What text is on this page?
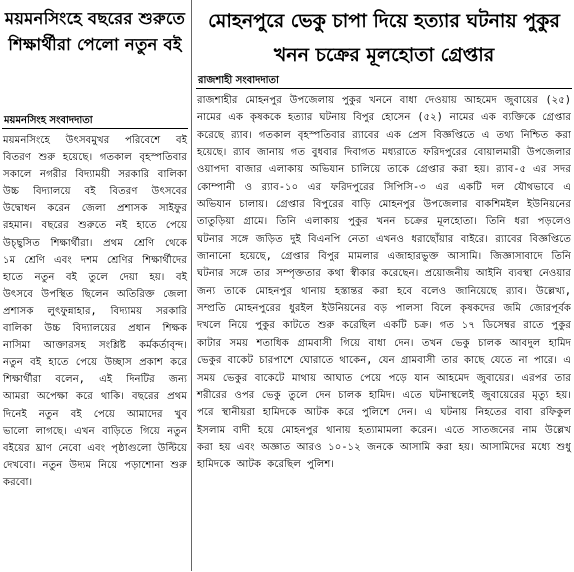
ময়মনসিংহে বছরের শুরুতে শিক্ষার্থীরা পেলো নতুন বই
ময়মনসিংহ সংবাদদাতা

ময়মনসিংহে উৎসবমুখর পরিবেশে বই বিতরণ শুরু হয়েছে। গতকাল বৃহস্পতিবার সকালে নগরীর বিদ্যাময়ী সরকারি বালিকা উচ্চ বিদ্যালয়ে বই বিতরণ উৎসবের উদ্বোধন করেন জেলা প্রশাসক সাইফুর রহমান। বছরের শুরুতে নই হাতে পেয়ে উচ্ছ্বসিত শিক্ষার্থীরা। প্রথম শ্রেণি থেকে ১ম শ্রেণি এবং দশম শ্রেণির শিক্ষার্থীদের হাতে নতুন বই তুলে দেয়া হয়। বই উৎসবে উপস্থিত ছিলেন অতিরিক্ত জেলা প্রশাসক লুৎফুন্নাহার, বিদ্যাময় সরকারি বালিকা উচ্চ বিদ্যালয়ের প্রধান শিক্ষক নাসিমা আক্তারসহ সংশ্লিষ্ট কর্মকর্তাবৃন্দ। নতুন বই হাতে পেয়ে উচ্ছাস প্রকাশ করে শিক্ষার্থীরা বলেন, এই দিনটির জন্য আমরা অপেক্ষা করে থাকি। বছরের প্রথম দিনেই নতুন বই পেয়ে আমাদের খুব ভালো লাগছে। এখন বাড়িতে গিয়ে নতুন বইয়ের ঘ্রাণ নেবো এবং পৃষ্ঠাগুলো উল্টিয়ে দেখবো। নতুন উদ্যম নিয়ে পড়াশোনা শুরু করবো।

মোহনপুরে ভেকু চাপা দিয়ে হত্যার ঘটনায় পুকুর খনন চক্রের মূলহোতা গ্রেপ্তার
রাজশাহী সংবাদদাতা

রাজশাহীর মোহনপুর উপজেলায় পুকুর খননে বাধা দেওয়ায় আহমেদ জুবায়ের (২৫) নামের এক কৃষককে হত্যার ঘটনায় বিপুর হোসেন (৫২) নামের এক ব্যক্তিকে গ্রেপ্তার করেছে র‌্যাব। গতকাল বৃহস্পতিবার র‌্যাবের এক প্রেস বিজ্ঞপ্তিতে এ তথ্য নিশ্চিত করা হয়েছে। র‌্যাব জানায় গত বুধবার দিবাগত মধ্যরাতে ফরিদপুরের বোয়ালমারী উপজেলার ওয়াপদা বাজার এলাকায় অভিযান চালিয়ে তাকে গ্রেপ্তার করা হয়। র‌্যাব-৫ এর সদর কোম্পানী ও র‌্যাব-১০ এর ফরিদপুরের সিপিসি-৩ এর একটি দল যৌথভাবে এ অভিযান চালায়। গ্রেপ্তার বিপুরের বাড়ি মোহনপুর উপজেলার বাকশিমইল ইউনিয়নের তাতুড়িয়া গ্রামে। তিনি এলাকায় পুকুর খনন চক্রের মূলহোতা। তিনি ধরা পড়লেও ঘটনার সঙ্গে জড়িত দুই বিএনপি নেতা এখনও ধরাছোঁয়ার বাইরে। র‌্যাবের বিজ্ঞপ্তিতে জানানো হয়েছে, গ্রেপ্তার বিপুর মামলার এজাহারভুক্ত আসামি। জিজ্ঞাসাবাদে তিনি ঘটনার সঙ্গে তার সম্পৃক্ততার কথা স্বীকার করেছেন। প্রয়োজনীয় আইনি ব্যবস্থা নেওয়ার জন্য তাকে মোহনপুর থানায় হস্তান্তর করা হবে বলেও জানিয়েছে র‌্যাব। উল্লেখ্য, সম্প্রতি মোহনপুরের ধুরইল ইউনিয়নের বড় পালসা বিলে কৃষকদের জমি জোরপূর্বক দখলে নিয়ে পুকুর কাটতে শুরু করেছিল একটি চক্র। গত ১৭ ডিসেম্বর রাতে পুকুর কাটার সময় শতাধিক গ্রামবাসী গিয়ে বাধা দেন। তখন ভেকু চালক আবদুল হামিদ ভেকুর বাকেট চারপাশে ঘোরাতে থাকেন, যেন গ্রামবাসী তার কাছে যেতে না পারে। এ সময় ভেকুর বাকেটে মাথায় আঘাত পেয়ে পড়ে যান আহমেদ জুবায়ের। এরপর তার শরীরের ওপর ভেকু তুলে দেন চালক হামিদ। এতে ঘটনাস্থলেই জুবায়েরের মৃত্যু হয়। পরে স্থানীয়রা হামিদকে আটক করে পুলিশে দেন। এ ঘটনায় নিহতের বাবা রফিকুল ইসলাম বাদী হয়ে মোহনপুর থানায় হত্যামামলা করেন। এতে সাতজনের নাম উল্লেখ করা হয় এবং অজ্ঞাত আরও ১০-১২ জনকে আসামি করা হয়। আসামিদের মধ্যে শুধু হামিদকে আটক করেছিল পুলিশ।
